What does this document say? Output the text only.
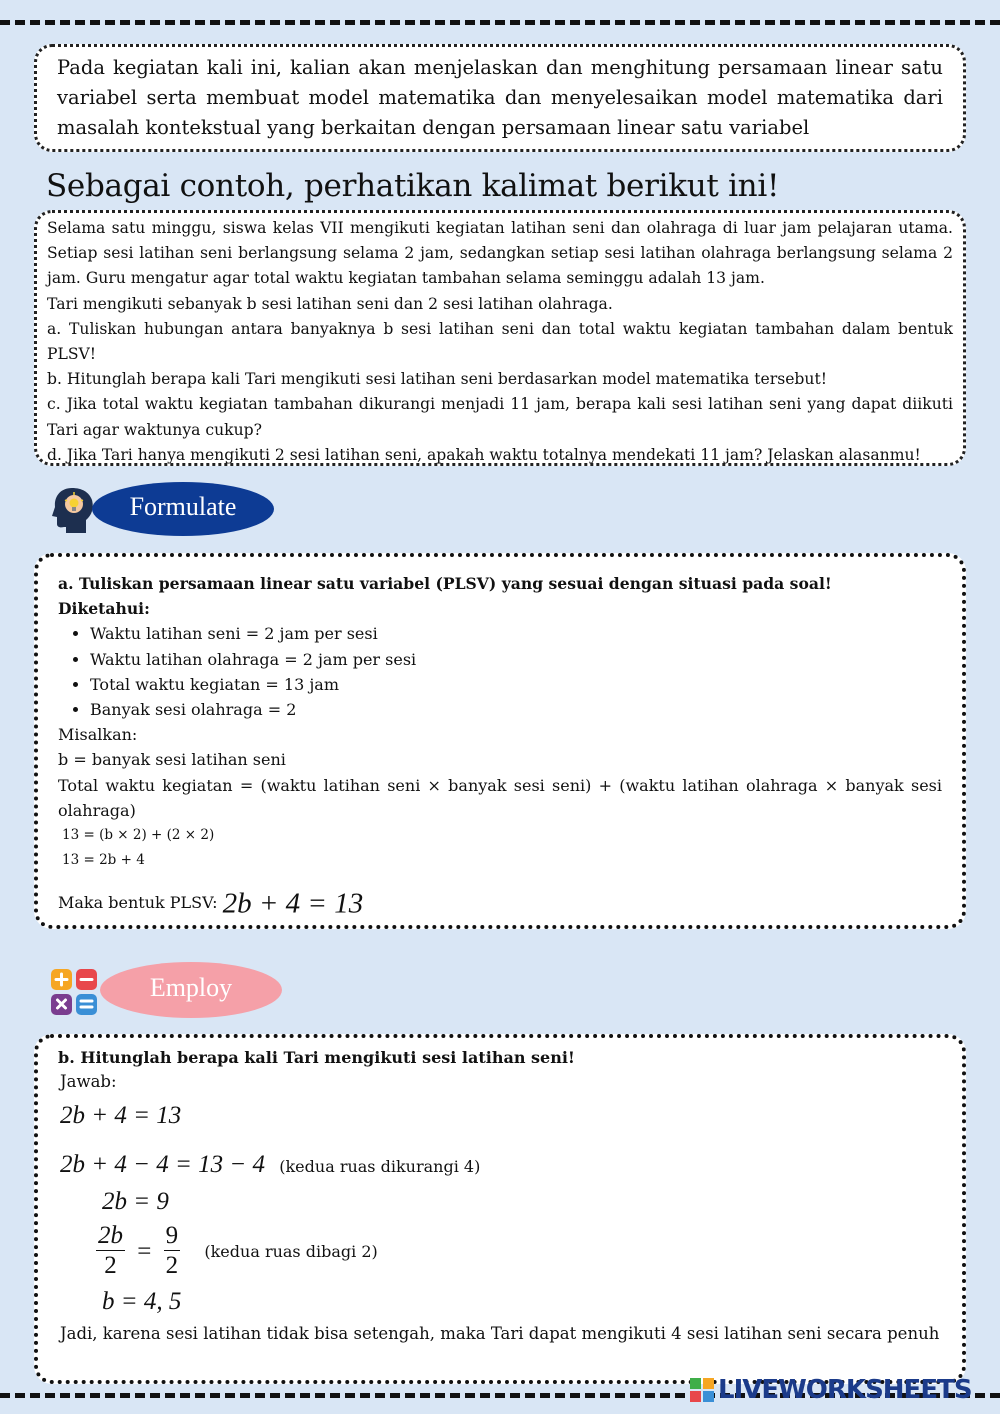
Pada kegiatan kali ini, kalian akan menjelaskan dan menghitung persamaan linear satu variabel serta membuat model matematika dan menyelesaikan model matematika dari masalah kontekstual yang berkaitan dengan persamaan linear satu variabel
Sebagai contoh, perhatikan kalimat berikut ini!

Selama satu minggu, siswa kelas VII mengikuti kegiatan latihan seni dan olahraga di luar jam pelajaran utama. Setiap sesi latihan seni berlangsung selama 2 jam, sedangkan setiap sesi latihan olahraga berlangsung selama 2 jam. Guru mengatur agar total waktu kegiatan tambahan selama seminggu adalah 13 jam.

Tari mengikuti sebanyak b sesi latihan seni dan 2 sesi latihan olahraga.

a. Tuliskan hubungan antara banyaknya b sesi latihan seni dan total waktu kegiatan tambahan dalam bentuk PLSV!

b. Hitunglah berapa kali Tari mengikuti sesi latihan seni berdasarkan model matematika tersebut!

c. Jika total waktu kegiatan tambahan dikurangi menjadi 11 jam, berapa kali sesi latihan seni yang dapat diikuti Tari agar waktunya cukup?

d. Jika Tari hanya mengikuti 2 sesi latihan seni, apakah waktu totalnya mendekati 11 jam? Jelaskan alasanmu!

Formulate

a. Tuliskan persamaan linear satu variabel (PLSV) yang sesuai dengan situasi pada soal!

Diketahui:

• Waktu latihan seni = 2 jam per sesi
• Waktu latihan olahraga = 2 jam per sesi
• Total waktu kegiatan = 13 jam
• Banyak sesi olahraga = 2

Misalkan:

b = banyak sesi latihan seni

Total waktu kegiatan = (waktu latihan seni × banyak sesi seni) + (waktu latihan olahraga × banyak sesi olahraga)

13 = (b × 2) + (2 × 2)

13 = 2b + 4

Maka bentuk PLSV: 2b + 4 = 13

Employ
b. Hitunglah berapa kali Tari mengikuti sesi latihan seni!
Jawab:
2b + 4 = 13
2b + 4 − 4 = 13 − 4 (kedua ruas dikurangi 4)
2b = 9
$\frac{2b}{2} = \frac{9}{2}$ (kedua ruas dibagi 2)
b = 4, 5
Jadi, karena sesi latihan tidak bisa setengah, maka Tari dapat mengikuti 4 sesi latihan seni secara penuh
LIVEWORKSHEETS
